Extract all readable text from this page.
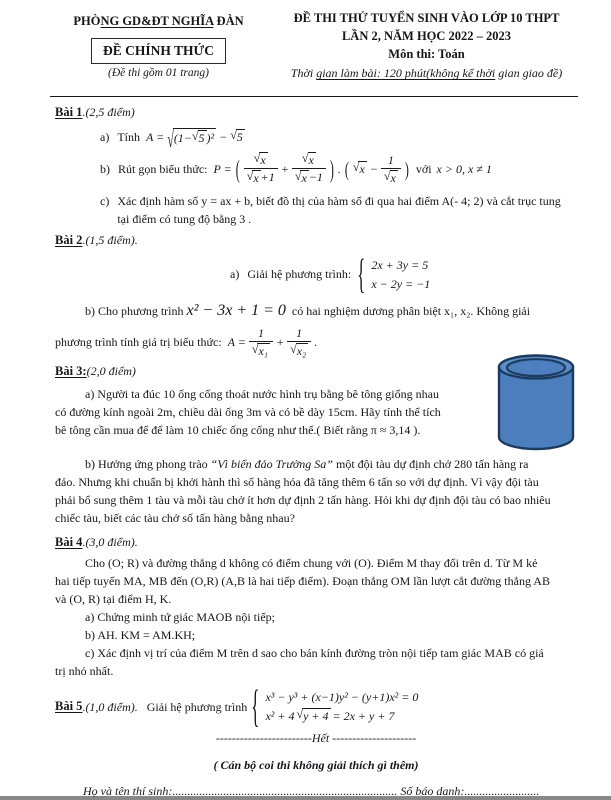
PHÒNG GD&ĐT NGHĨA ĐÀN
ĐỀ CHÍNH THỨC
(Đề thi gồm 01 trang)
ĐỀ THI THỬ TUYỂN SINH VÀO LỚP 10 THPT
LẦN 2, NĂM HỌC 2022 – 2023
Môn thi: Toán
Thời gian làm bài: 120 phút(không kể thời gian giao đề)
Bài 1.(2,5 điểm)
a) Tính A = √ (1− √ 5 )² − √ 5
b) Rút gọn biểu thức: P = ( $\frac{√ x}{√ x +1} + \frac{√ x}{√ x -1}$ ) . ( √ $x - \frac{1}{√ x}$ ) với x > 0, x ≠ 1
c) Xác định hàm số y = ax + b, biết đồ thị của hàm số đi qua hai điểm A(- 4; 2) và cắt trục tung
tại điểm có tung độ bằng 3 .
Bài 2.(1,5 điểm).
a) Giải hệ phương trình: { 2x + 3y = 5
x − 2y = −1
b) Cho phương trình x² − 3x + 1 = 0 có hai nghiệm dương phân biệt x₁, x₂. Không giải
phương trình tính giá trị biểu thức: $A = \frac{1}{\text{√ x₁}} + \frac{1}{\text{√ x₂}}$ .
Bài 3:(2,0 điểm)
a) Người ta đúc 10 ống cống thoát nước hình trụ bằng bê tông giống nhau
có đường kính ngoài 2m, chiều dài ống 3m và có bề dày 15cm. Hãy tính thể tích
bê tông cần mua để để làm 10 chiếc ống cống như thế.( Biết rằng π ≈ 3,14 ).
b) Hưởng ứng phong trào “Vì biển đảo Trường Sa” một đội tàu dự định chở 280 tấn hàng ra
đảo. Nhưng khi chuẩn bị khởi hành thì số hàng hóa đã tăng thêm 6 tấn so với dự định. Vì vậy đội tàu
phải bổ sung thêm 1 tàu và mỗi tàu chở ít hơn dự định 2 tấn hàng. Hỏi khi dự định đội tàu có bao nhiêu
chiếc tàu, biết các tàu chở số tấn hàng bằng nhau?
Bài 4.(3,0 điểm).
Cho (O; R) và đường thẳng d không có điểm chung với (O). Điểm M thay đổi trên d. Từ M kẻ
hai tiếp tuyến MA, MB đến (O,R) (A,B là hai tiếp điểm). Đoạn thẳng OM lần lượt cắt đường thẳng AB
và (O, R) tại điểm H, K.
a) Chứng minh tứ giác MAOB nội tiếp;
b) AH. KM = AM.KH;
c) Xác định vị trí của điểm M trên d sao cho bán kính đường tròn nội tiếp tam giác MAB có giá
trị nhỏ nhất.
Bài 5 .(1,0 điểm). Giải hệ phương trình { x³ − y³ + (x−1)y² − (y+1)x² = 0
x² + 4 √ y + 4 = 2x + y + 7
------------------------Hết ---------------------
( Cán bộ coi thi không giải thích gì thêm)
Họ và tên thí sinh:........................................................................... Số báo danh:.........................
